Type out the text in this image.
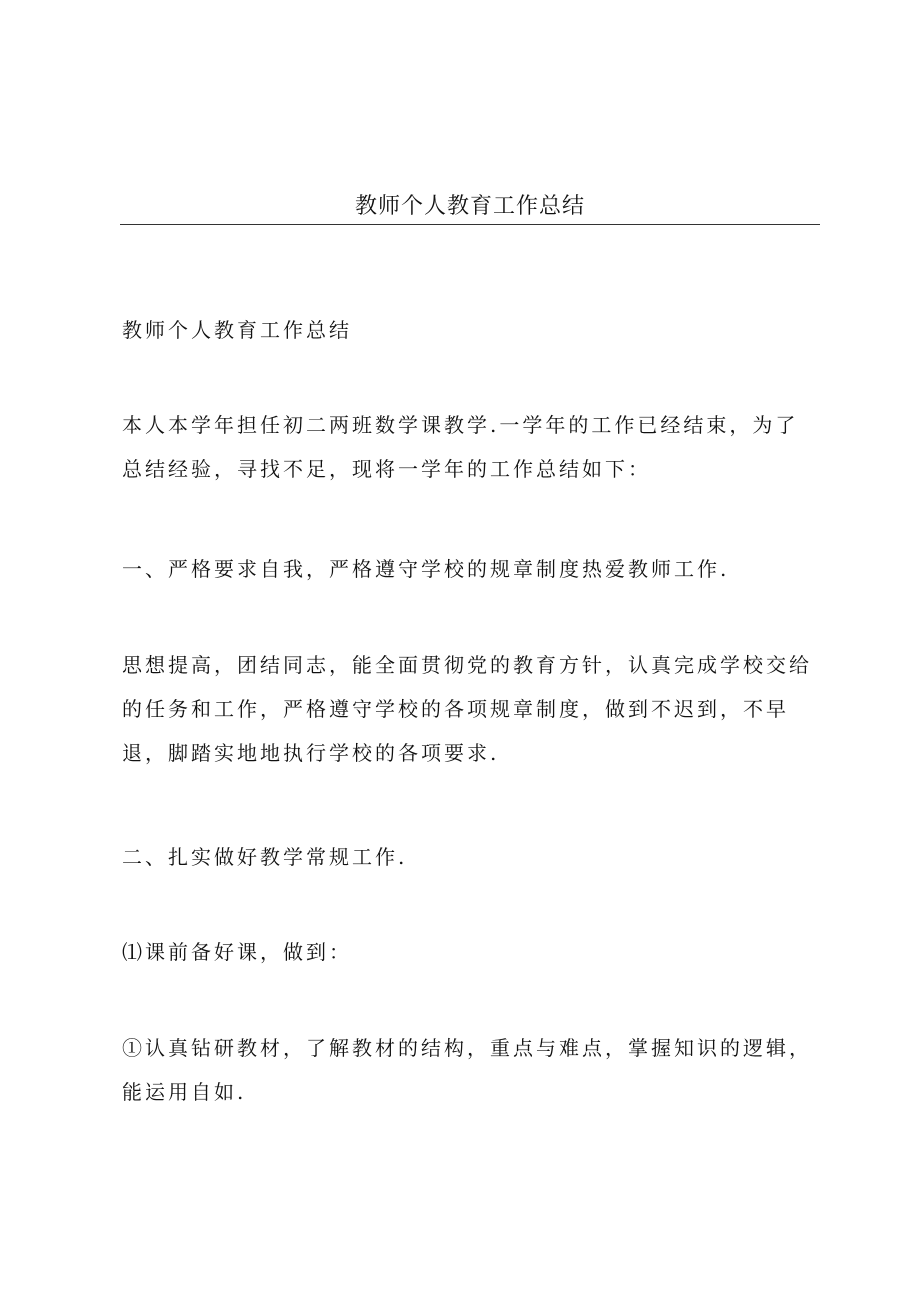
教师个人教育工作总结

教师个人教育工作总结

本人本学年担任初二两班数学课教学.一学年的工作已经结束，为了
总结经验，寻找不足，现将一学年的工作总结如下：

一、严格要求自我，严格遵守学校的规章制度热爱教师工作.

思想提高，团结同志，能全面贯彻党的教育方针，认真完成学校交给
的任务和工作，严格遵守学校的各项规章制度，做到不迟到，不早
退，脚踏实地地执行学校的各项要求.

二、扎实做好教学常规工作.

⑴课前备好课，做到：

①认真钻研教材，了解教材的结构，重点与难点，掌握知识的逻辑，
能运用自如.
